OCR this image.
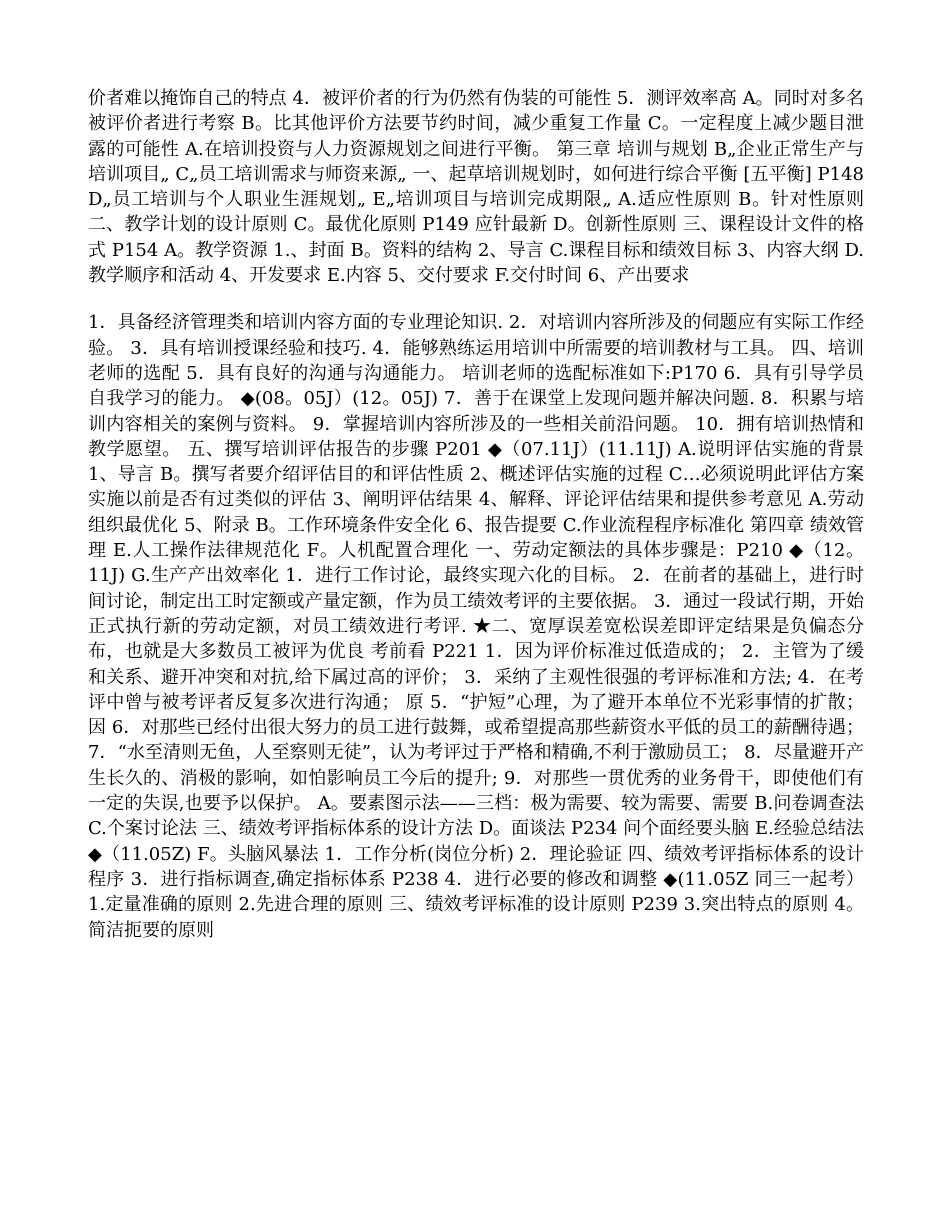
价者难以掩饰自己的特点 4．被评价者的行为仍然有伪装的可能性 5．测评效率高 A。同时对多名被评价者进行考察 B。比其他评价方法要节约时间，减少重复工作量 C。一定程度上减少题目泄露的可能性 A.在培训投资与人力资源规划之间进行平衡。 第三章 培训与规划 B„企业正常生产与培训项目„ C„员工培训需求与师资来源„ 一、起草培训规划时，如何进行综合平衡 [五平衡] P148 D„员工培训与个人职业生涯规划„ E„培训项目与培训完成期限„ A.适应性原则 B。针对性原则 二、教学计划的设计原则 C。最优化原则 P149 应针最新 D。创新性原则 三、课程设计文件的格式 P154 A。教学资源 1.、封面 B。资料的结构 2、导言 C.课程目标和绩效目标 3、内容大纲 D.教学顺序和活动 4、开发要求 E.内容 5、交付要求 F.交付时间 6、产出要求

1．具备经济管理类和培训内容方面的专业理论知识. 2．对培训内容所涉及的伺题应有实际工作经验。 3．具有培训授课经验和技巧. 4．能够熟练运用培训中所需要的培训教材与工具。 四、培训老师的选配 5．具有良好的沟通与沟通能力。 培训老师的选配标准如下:P170 6．具有引导学员自我学习的能力。 ◆(08。05J）(12。05J) 7．善于在课堂上发现问题并解决问题. 8．积累与培训内容相关的案例与资料。 9．掌握培训内容所涉及的一些相关前沿问题。 10．拥有培训热情和教学愿望。 五、撰写培训评估报告的步骤 P201 ◆（07.11J）(11.11J) A.说明评估实施的背景 1、导言 B。撰写者要介绍评估目的和评估性质 2、概述评估实施的过程 C…必须说明此评估方案实施以前是否有过类似的评估 3、阐明评估结果 4、解释、评论评估结果和提供参考意见 A.劳动组织最优化 5、附录 B。工作环境条件安全化 6、报告提要 C.作业流程程序标准化 第四章 绩效管理 E.人工操作法律规范化 F。人机配置合理化 一、劳动定额法的具体步骤是：P210 ◆（12。11J) G.生产产出效率化 1．进行工作讨论，最终实现六化的目标。 2．在前者的基础上，进行时间讨论，制定出工时定额或产量定额，作为员工绩效考评的主要依据。 3．通过一段试行期，开始正式执行新的劳动定额，对员工绩效进行考评. ★二、宽厚误差宽松误差即评定结果是负偏态分布，也就是大多数员工被评为优良 考前看 P221 1．因为评价标准过低造成的； 2．主管为了缓和关系、避开冲突和对抗,给下属过高的评价； 3．采纳了主观性很强的考评标准和方法; 4．在考评中曾与被考评者反复多次进行沟通； 原 5．“护短”心理，为了避开本单位不光彩事情的扩散； 因 6．对那些已经付出很大努力的员工进行鼓舞，或希望提高那些薪资水平低的员工的薪酬待遇； 7．“水至清则无鱼，人至察则无徒”，认为考评过于严格和精确,不利于激励员工； 8．尽量避开产生长久的、消极的影响，如怕影响员工今后的提升; 9．对那些一贯优秀的业务骨干，即使他们有一定的失误,也要予以保护。 A。要素图示法——三档：极为需要、较为需要、需要 B.问卷调查法 C.个案讨论法 三、绩效考评指标体系的设计方法 D。面谈法 P234 问个面经要头脑 E.经验总结法 ◆（11.05Z) F。头脑风暴法 1．工作分析(岗位分析) 2．理论验证 四、绩效考评指标体系的设计程序 3．进行指标调查,确定指标体系 P238 4．进行必要的修改和调整 ◆(11.05Z 同三一起考） 1.定量准确的原则 2.先进合理的原则 三、绩效考评标准的设计原则 P239 3.突出特点的原则 4。简洁扼要的原则
